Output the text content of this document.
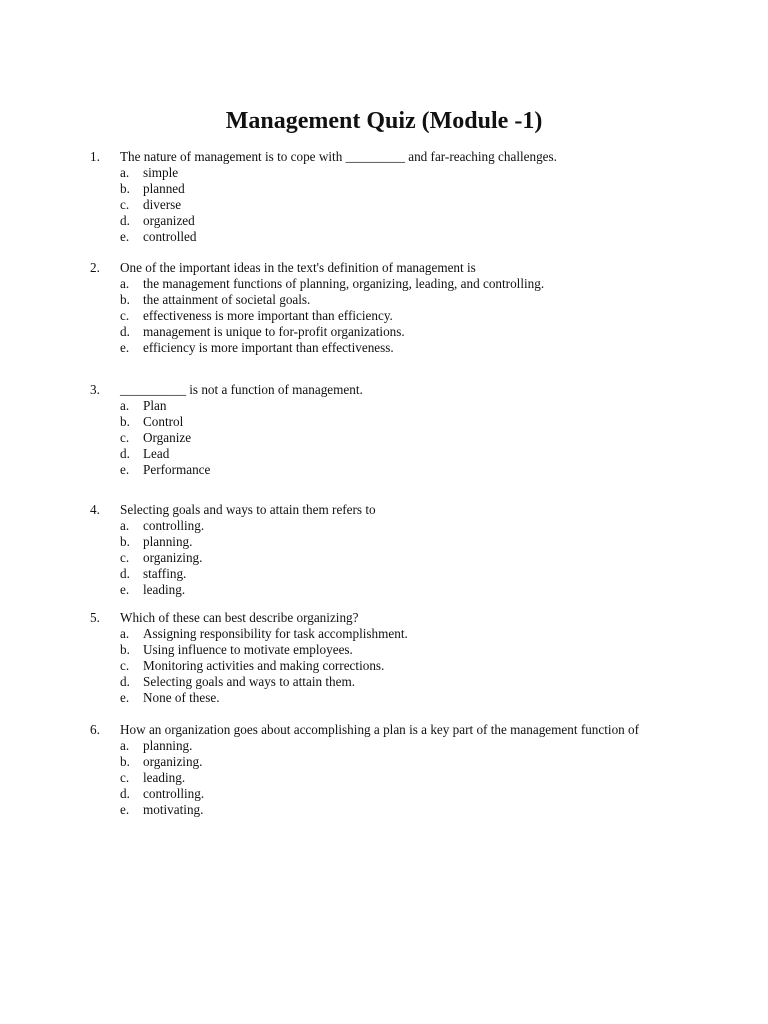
Management Quiz (Module -1)
1. The nature of management is to cope with _________ and far-reaching challenges.
a. simple
b. planned
c. diverse
d. organized
e. controlled
2. One of the important ideas in the text's definition of management is
a. the management functions of planning, organizing, leading, and controlling.
b. the attainment of societal goals.
c. effectiveness is more important than efficiency.
d. management is unique to for-profit organizations.
e. efficiency is more important than effectiveness.
3. __________ is not a function of management.
a. Plan
b. Control
c. Organize
d. Lead
e. Performance
4. Selecting goals and ways to attain them refers to
a. controlling.
b. planning.
c. organizing.
d. staffing.
e. leading.
5. Which of these can best describe organizing?
a. Assigning responsibility for task accomplishment.
b. Using influence to motivate employees.
c. Monitoring activities and making corrections.
d. Selecting goals and ways to attain them.
e. None of these.
6. How an organization goes about accomplishing a plan is a key part of the management function of
a. planning.
b. organizing.
c. leading.
d. controlling.
e. motivating.
